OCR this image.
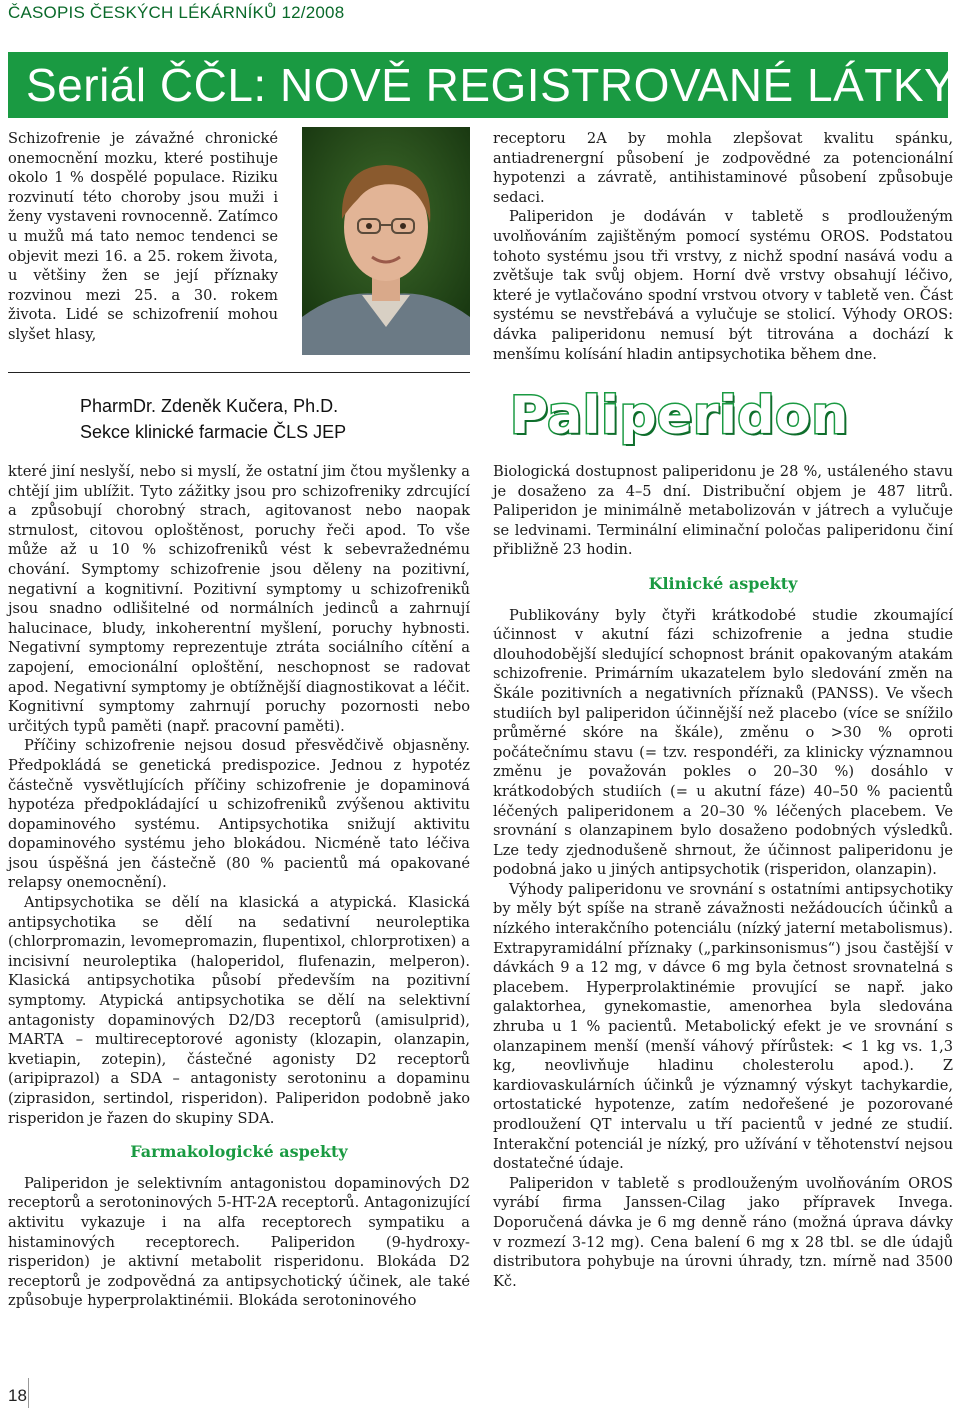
ČASOPIS ČESKÝCH LÉKÁRNÍKŮ 12/2008
Seriál ČČL: NOVĚ REGISTROVANÉ LÁTKY

Schizofrenie je závažné chronické onemocnění mozku, které postihuje okolo 1 % dospělé populace. Riziku rozvinutí této choroby jsou muži i ženy vystaveni rovnocenně. Zatímco u mužů má tato nemoc tendenci se objevit mezi 16. a 25. rokem života, u většiny žen se její příznaky rozvinou mezi 25. a 30. rokem života. Lidé se schizofrenií mohou slyšet hlasy,

PharmDr. Zdeněk Kučera, Ph.D.
Sekce klinické farmacie ČLS JEP

které jiní neslyší, nebo si myslí, že ostatní jim čtou myšlenky a chtějí jim ublížit. Tyto zážitky jsou pro schizofreniky zdrcující a způsobují chorobný strach, agitovanost nebo naopak strnulost, citovou oploštěnost, poruchy řeči apod. To vše může až u 10 % schizofreniků vést k sebevražednému chování. Symptomy schizofrenie jsou děleny na pozitivní, negativní a kognitivní. Pozitivní symptomy u schizofreniků jsou snadno odlišitelné od normálních jedinců a zahrnují halucinace, bludy, inkoherentní myšlení, poruchy hybnosti. Negativní symptomy reprezentuje ztráta sociálního cítění a zapojení, emocionální oploštění, neschopnost se radovat apod. Negativní symptomy je obtížnější diagnostikovat a léčit. Kognitivní symptomy zahrnují poruchy pozornosti nebo určitých typů paměti (např. pracovní paměti).

Příčiny schizofrenie nejsou dosud přesvědčivě objasněny. Předpokládá se genetická predispozice. Jednou z hypotéz částečně vysvětlujících příčiny schizofrenie je dopaminová hypotéza předpokládající u schizofreniků zvýšenou aktivitu dopaminového systému. Antipsychotika snižují aktivitu dopaminového systému jeho blokádou. Nicméně tato léčiva jsou úspěšná jen částečně (80 % pacientů má opakované relapsy onemocnění).

Antipsychotika se dělí na klasická a atypická. Klasická antipsychotika se dělí na sedativní neuroleptika (chlorpromazin, levomepromazin, flupentixol, chlorprotixen) a incisivní neuroleptika (haloperidol, flufenazin, melperon). Klasická antipsychotika působí především na pozitivní symptomy. Atypická antipsychotika se dělí na selektivní antagonisty dopaminových D2/D3 receptorů (amisulprid), MARTA – multireceptorové agonisty (klozapin, olanzapin, kvetiapin, zotepin), částečné agonisty D2 receptorů (aripiprazol) a SDA – antagonisty serotoninu a dopaminu (ziprasidon, sertindol, risperidon). Paliperidon podobně jako risperidon je řazen do skupiny SDA.

Farmakologické aspekty

Paliperidon je selektivním antagonistou dopaminových D2 receptorů a serotoninových 5-HT-2A receptorů. Antagonizující aktivitu vykazuje i na alfa receptorech sympatiku a histaminových receptorech. Paliperidon (9-hydroxy-risperidon) je aktivní metabolit risperidonu. Blokáda D2 receptorů je zodpovědná za antipsychotický účinek, ale také způsobuje hyperprolaktinémii. Blokáda serotoninového

receptoru 2A by mohla zlepšovat kvalitu spánku, antiadrenergní působení je zodpovědné za potencionální hypotenzi a závratě, antihistaminové působení způsobuje sedaci.

Paliperidon je dodáván v tabletě s prodlouženým uvolňováním zajištěným pomocí systému OROS. Podstatou tohoto systému jsou tři vrstvy, z nichž spodní nasává vodu a zvětšuje tak svůj objem. Horní dvě vrstvy obsahují léčivo, které je vytlačováno spodní vrstvou otvory v tabletě ven. Část systému se nevstřebává a vylučuje se stolicí. Výhody OROS: dávka paliperidonu nemusí být titrována a dochází k menšímu kolísání hladin antipsychotika během dne.

Paliperidon

Biologická dostupnost paliperidonu je 28 %, ustáleného stavu je dosaženo za 4–5 dní. Distribuční objem je 487 litrů. Paliperidon je minimálně metabolizován v játrech a vylučuje se ledvinami. Terminální eliminační poločas paliperidonu činí přibližně 23 hodin.

Klinické aspekty

Publikovány byly čtyři krátkodobé studie zkoumající účinnost v akutní fázi schizofrenie a jedna studie dlouhodobější sledující schopnost bránit opakovaným atakám schizofrenie. Primárním ukazatelem bylo sledování změn na Škále pozitivních a negativních příznaků (PANSS). Ve všech studiích byl paliperidon účinnější než placebo (více se snížilo průměrné skóre na škále), změnu o >30 % oproti počátečnímu stavu (= tzv. respondéři, za klinicky významnou změnu je považován pokles o 20–30 %) dosáhlo v krátkodobých studiích (= u akutní fáze) 40–50 % pacientů léčených paliperidonem a 20–30 % léčených placebem. Ve srovnání s olanzapinem bylo dosaženo podobných výsledků. Lze tedy zjednodušeně shrnout, že účinnost paliperidonu je podobná jako u jiných antipsychotik (risperidon, olanzapin).

Výhody paliperidonu ve srovnání s ostatními antipsychotiky by měly být spíše na straně závažnosti nežádoucích účinků a nízkého interakčního potenciálu (nízký jaterní metabolismus). Extrapyramidální příznaky („parkinsonismus“) jsou častější v dávkách 9 a 12 mg, v dávce 6 mg byla četnost srovnatelná s placebem. Hyperprolaktinémie provující se např. jako galaktorhea, gynekomastie, amenorhea byla sledována zhruba u 1 % pacientů. Metabolický efekt je ve srovnání s olanzapinem menší (menší váhový přírůstek: < 1 kg vs. 1,3 kg, neovlivňuje hladinu cholesterolu apod.). Z kardiovaskulárních účinků je významný výskyt tachykardie, ortostatické hypotenze, zatím nedořešené je pozorované prodloužení QT intervalu u tří pacientů v jedné ze studií. Interakční potenciál je nízký, pro užívání v těhotenství nejsou dostatečné údaje.

Paliperidon v tabletě s prodlouženým uvolňováním OROS vyrábí firma Janssen-Cilag jako přípravek Invega. Doporučená dávka je 6 mg denně ráno (možná úprava dávky v rozmezí 3-12 mg). Cena balení 6 mg x 28 tbl. se dle údajů distributora pohybuje na úrovni úhrady, tzn. mírně nad 3500 Kč.

18
